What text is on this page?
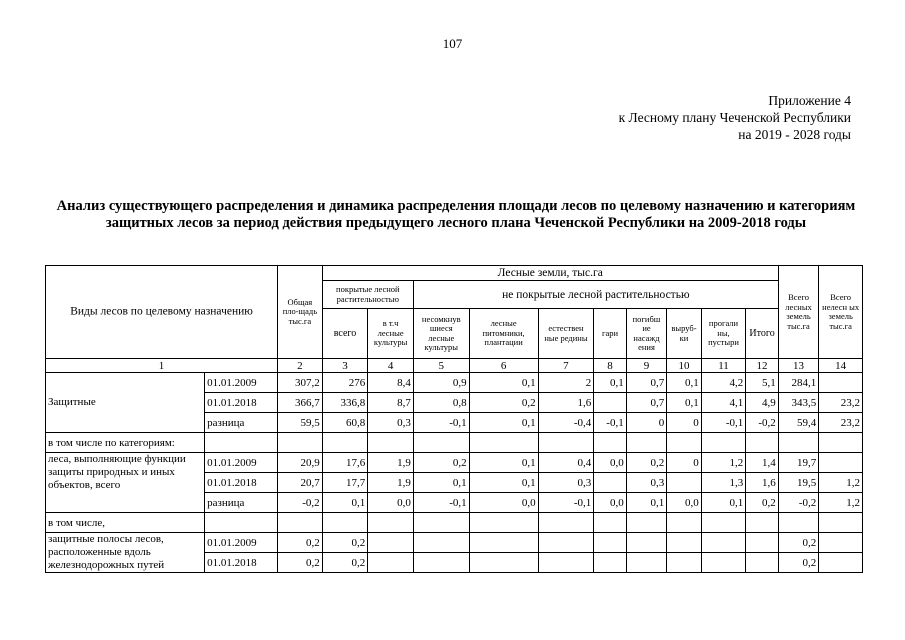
107
Приложение 4
к Лесному плану Чеченской Республики
на 2019 - 2028 годы
Анализ существующего распределения и динамика распределения площади лесов по целевому назначению и категориям защитных лесов за период действия предыдущего лесного плана Чеченской Республики на 2009-2018 годы
Виды лесов по целевому назначению		Общая пло-щадь тыс.га	Лесные земли, тыс.га										Всего лесных земель тыс.га	Всего нелесн ых земель тыс.га
			покрытые лесной растительностью		не покрытые лесной растительностью									
			всего	в т.ч лесные культуры	несомкнув шиеся лесные культуры	лесные питомники, плантации	естествен ные редины	гари	погибш ие насажд ения	выруб-ки	прогали ны, пустыри	Итого		
1		2	3	4	5	6	7	8	9	10	11	12	13	14
Защитные	01.01.2009	307,2	276	8,4	0,9	0,1	2	0,1	0,7	0,1	4,2	5,1	284,1	
	01.01.2018	366,7	336,8	8,7	0,8	0,2	1,6		0,7	0,1	4,1	4,9	343,5	23,2
	разница	59,5	60,8	0,3	-0,1	0,1	-0,4	-0,1	0	0	-0,1	-0,2	59,4	23,2
в том числе по категориям:														
леса, выполняющие функции защиты природных и иных объектов, всего	01.01.2009	20,9	17,6	1,9	0,2	0,1	0,4	0,0	0,2	0	1,2	1,4	19,7	
	01.01.2018	20,7	17,7	1,9	0,1	0,1	0,3		0,3		1,3	1,6	19,5	1,2
	разница	-0,2	0,1	0,0	-0,1	0,0	-0,1	0,0	0,1	0,0	0,1	0,2	-0,2	1,2
в том числе,														
защитные полосы лесов, расположенные вдоль железнодорожных путей	01.01.2009	0,2	0,2										0,2	
	01.01.2018	0,2	0,2										0,2	
